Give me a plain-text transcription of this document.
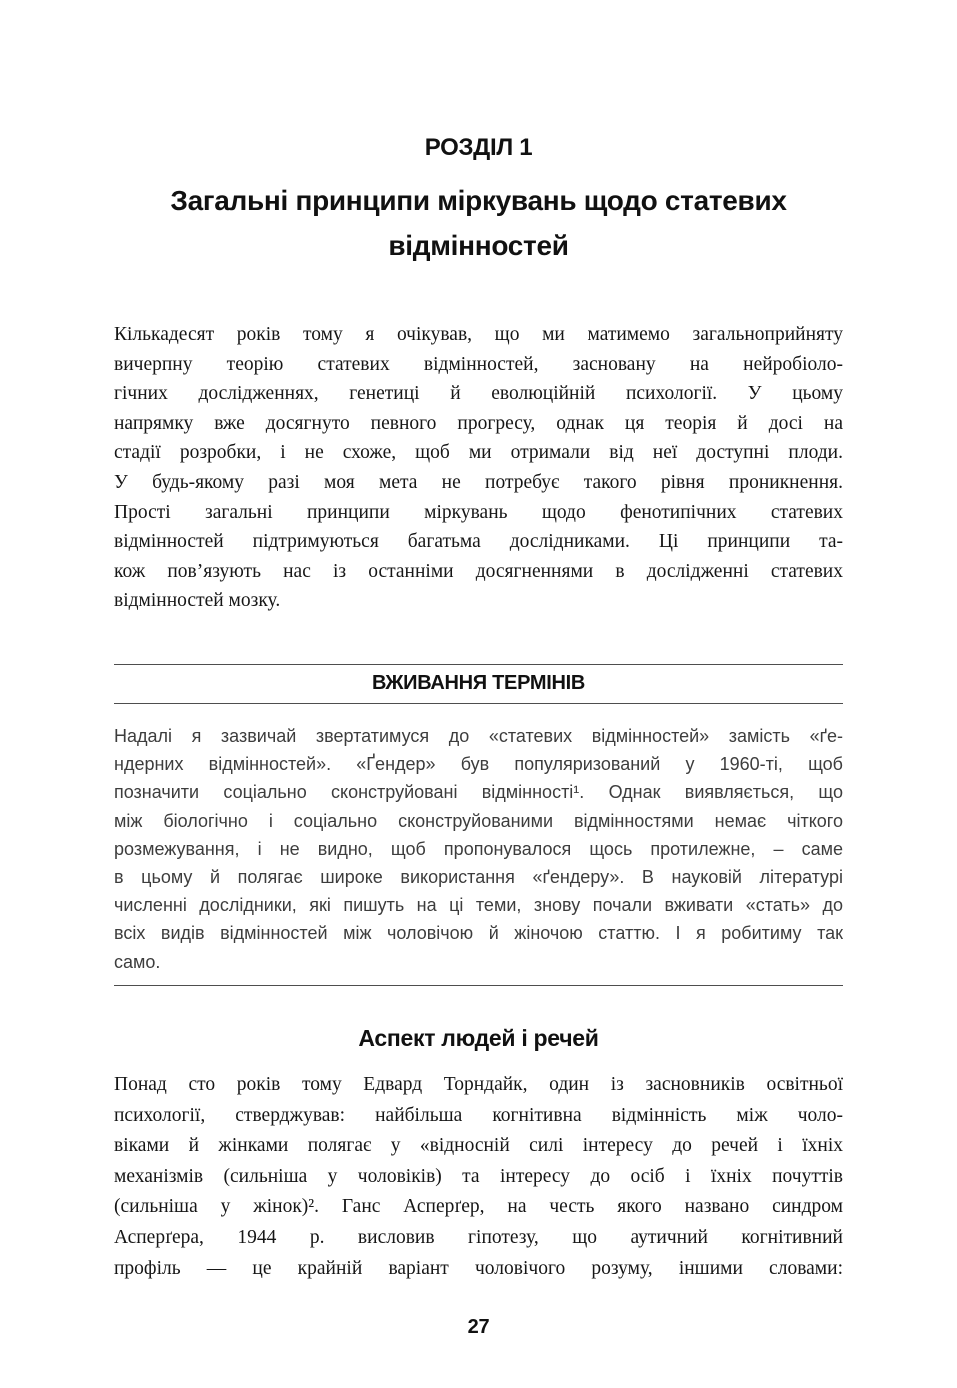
РОЗДІЛ 1
Загальні принципи міркувань щодо статевих
відмінностей
Кількадесят років тому я очікував, що ми матимемо загальноприйняту
вичерпну теорію статевих відмінностей, засновану на нейробіоло-
гічних дослідженнях, генетиці й еволюційній психології. У цьому
напрямку вже досягнуто певного прогресу, однак ця теорія й досі на
стадії розробки, і не схоже, щоб ми отримали від неї доступні плоди.
У будь-якому разі моя мета не потребує такого рівня проникнення.
Прості загальні принципи міркувань щодо фенотипічних статевих
відмінностей підтримуються багатьма дослідниками. Ці принципи та-
кож пов’язують нас із останніми досягненнями в дослідженні статевих
відмінностей мозку.
ВЖИВАННЯ ТЕРМІНІВ
Надалі я зазвичай звертатимуся до «статевих відмінностей» замість «ґе-
ндерних відмінностей». «Ґендер» був популяризований у 1960-ті, щоб
позначити соціально сконструйовані відмінності¹. Однак виявляється, що
між біологічно і соціально сконструйованими відмінностями немає чіткого
розмежування, і не видно, щоб пропонувалося щось протилежне, – саме
в цьому й полягає широке використання «ґендеру». В науковій літературі
численні дослідники, які пишуть на ці теми, знову почали вживати «стать» до
всіх видів відмінностей між чоловічою й жіночою статтю. І я робитиму так
само.
Аспект людей і речей
Понад сто років тому Едвард Торндайк, один із засновників освітньої
психології, стверджував: найбільша когнітивна відмінність між чоло-
віками й жінками полягає у «відносній силі інтересу до речей і їхніх
механізмів (сильніша у чоловіків) та інтересу до осіб і їхніх почуттів
(сильніша у жінок)². Ганс Асперґер, на честь якого названо синдром
Асперґера, 1944 р. висловив гіпотезу, що аутичний когнітивний
профіль — це крайній варіант чоловічого розуму, іншими словами:
27
